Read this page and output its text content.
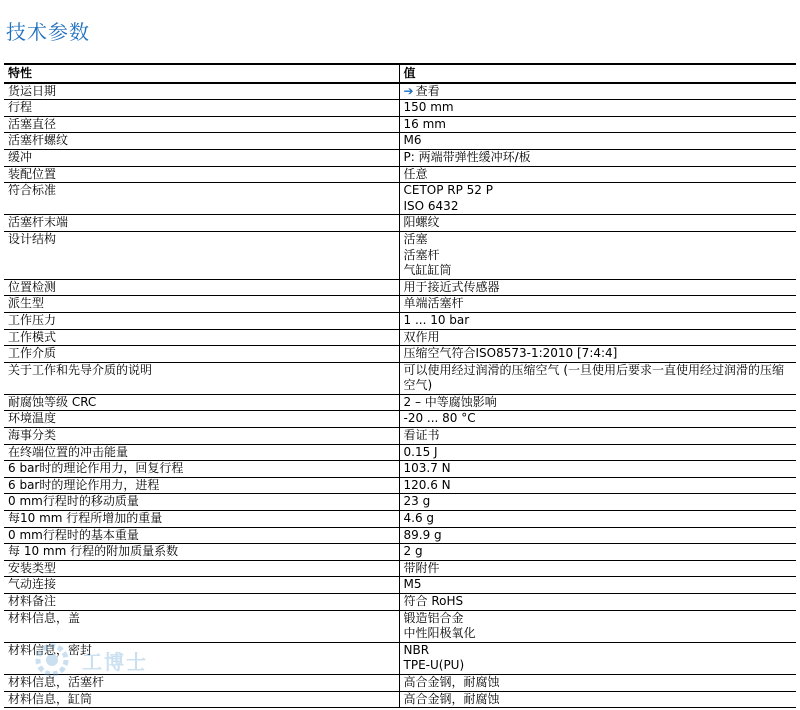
技术参数
特性	值
货运日期	➔ 查看

行程	150 mm

活塞直径	16 mm

活塞杆螺纹	M6

缓冲	P: 两端带弹性缓冲环/板

装配位置	任意

符合标准	CETOP RP 52 P
ISO 6432

活塞杆末端	阳螺纹

设计结构	活塞
活塞杆
气缸缸筒

位置检测	用于接近式传感器

派生型	单端活塞杆

工作压力	1 ... 10 bar

工作模式	双作用

工作介质	压缩空气符合ISO8573-1:2010 [7:4:4]

关于工作和先导介质的说明	可以使用经过润滑的压缩空气 (一旦使用后要求一直使用经过润滑的压缩空气)

耐腐蚀等级 CRC	2 – 中等腐蚀影响

环境温度	-20 ... 80 °C

海事分类	看证书

在终端位置的冲击能量	0.15 J

6 bar时的理论作用力，回复行程	103.7 N

6 bar时的理论作用力，进程	120.6 N

0 mm行程时的移动质量	23 g

每10 mm 行程所增加的重量	4.6 g

0 mm行程时的基本重量	89.9 g

每 10 mm 行程的附加质量系数	2 g

安装类型	带附件

气动连接	M5

材料备注	符合 RoHS

材料信息，盖	锻造铝合金
中性阳极氧化

材料信息，密封	NBR
TPE-U(PU)

材料信息，活塞杆	高合金钢，耐腐蚀

材料信息，缸筒	高合金钢，耐腐蚀
工博士
